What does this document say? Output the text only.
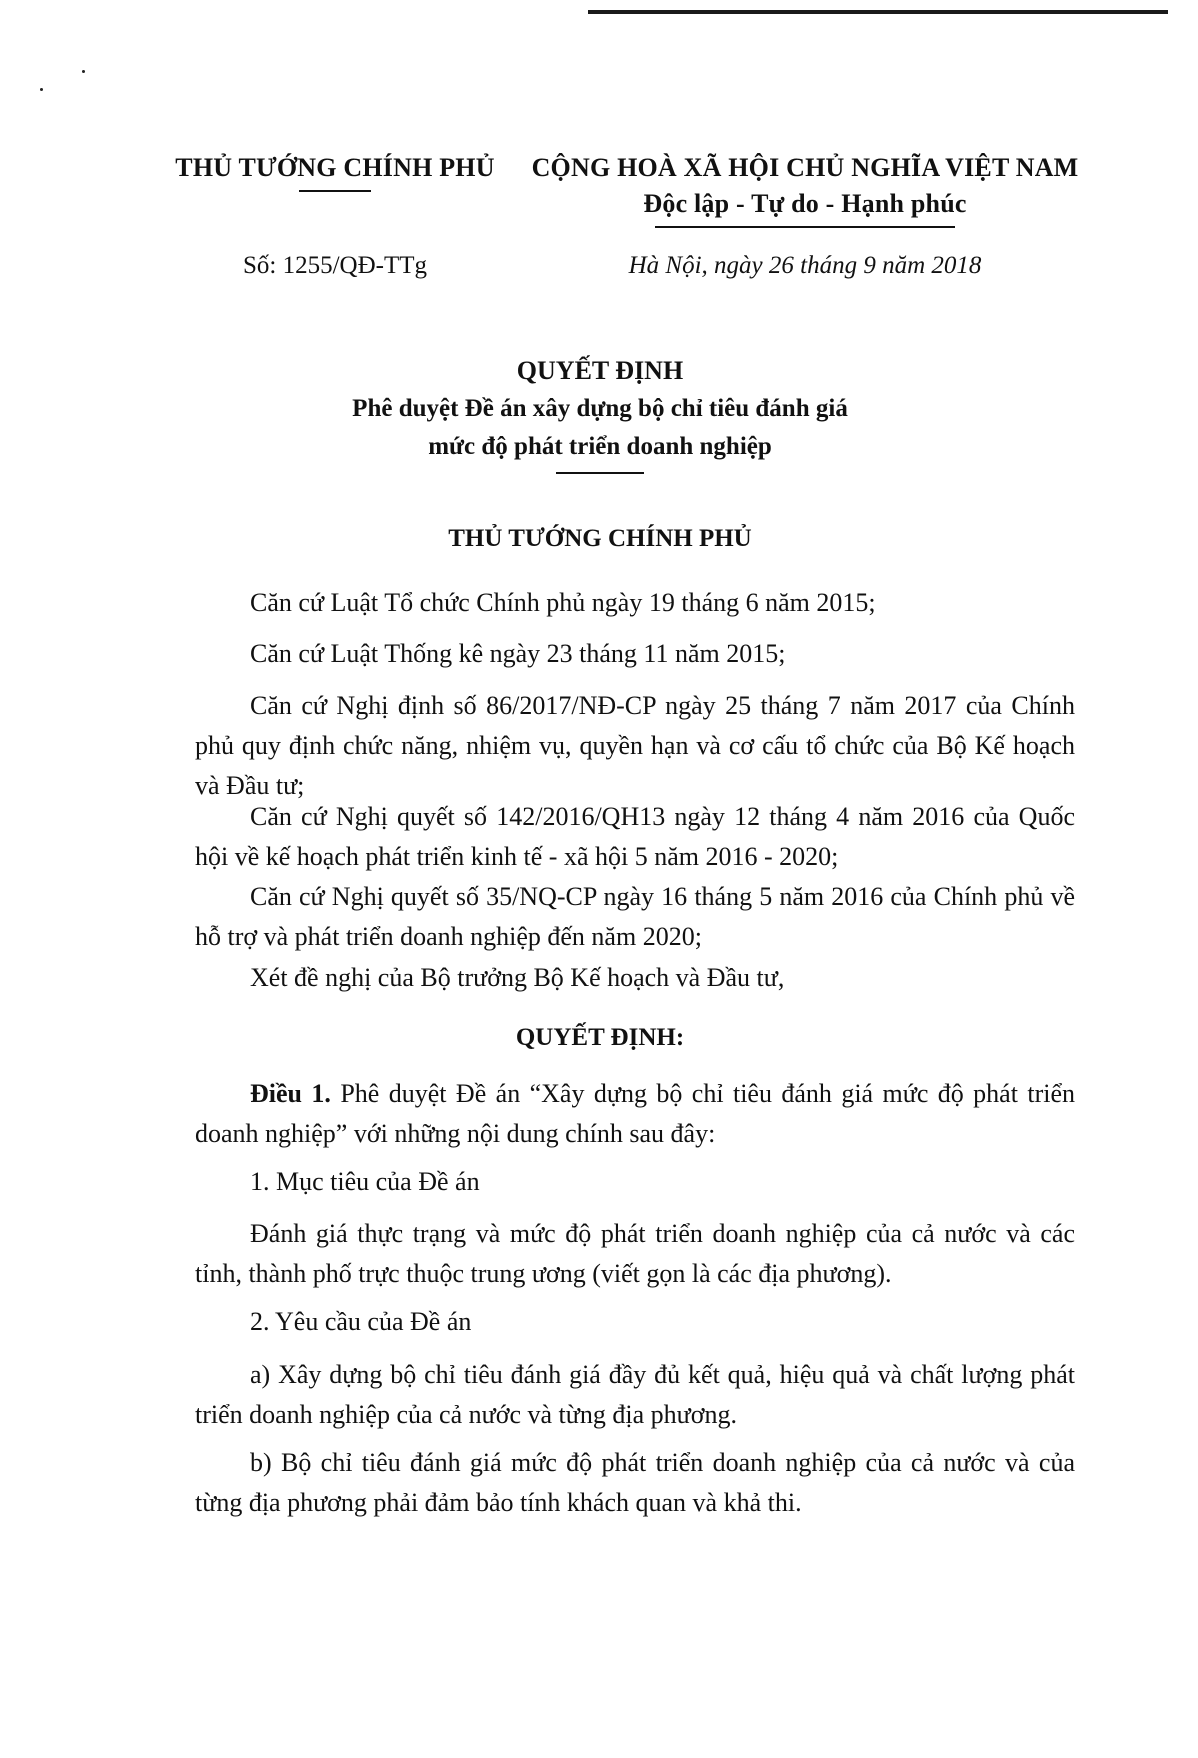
THỦ TƯỚNG CHÍNH PHỦ	CỘNG HOÀ XÃ HỘI CHỦ NGHĨA VIỆT NAM
Độc lập - Tự do - Hạnh phúc
Số: 1255/QĐ-TTg	Hà Nội, ngày 26 tháng 9 năm 2018
QUYẾT ĐỊNH
Phê duyệt Đề án xây dựng bộ chỉ tiêu đánh giá
mức độ phát triển doanh nghiệp
THỦ TƯỚNG CHÍNH PHỦ
Căn cứ Luật Tổ chức Chính phủ ngày 19 tháng 6 năm 2015;
Căn cứ Luật Thống kê ngày 23 tháng 11 năm 2015;
Căn cứ Nghị định số 86/2017/NĐ-CP ngày 25 tháng 7 năm 2017 của Chính phủ quy định chức năng, nhiệm vụ, quyền hạn và cơ cấu tổ chức của Bộ Kế hoạch và Đầu tư;
Căn cứ Nghị quyết số 142/2016/QH13 ngày 12 tháng 4 năm 2016 của Quốc hội về kế hoạch phát triển kinh tế - xã hội 5 năm 2016 - 2020;
Căn cứ Nghị quyết số 35/NQ-CP ngày 16 tháng 5 năm 2016 của Chính phủ về hỗ trợ và phát triển doanh nghiệp đến năm 2020;
Xét đề nghị của Bộ trưởng Bộ Kế hoạch và Đầu tư,
QUYẾT ĐỊNH:
Điều 1. Phê duyệt Đề án “Xây dựng bộ chỉ tiêu đánh giá mức độ phát triển doanh nghiệp” với những nội dung chính sau đây:
1. Mục tiêu của Đề án
Đánh giá thực trạng và mức độ phát triển doanh nghiệp của cả nước và các tỉnh, thành phố trực thuộc trung ương (viết gọn là các địa phương).
2. Yêu cầu của Đề án
a) Xây dựng bộ chỉ tiêu đánh giá đầy đủ kết quả, hiệu quả và chất lượng phát triển doanh nghiệp của cả nước và từng địa phương.
b) Bộ chỉ tiêu đánh giá mức độ phát triển doanh nghiệp của cả nước và của từng địa phương phải đảm bảo tính khách quan và khả thi.
